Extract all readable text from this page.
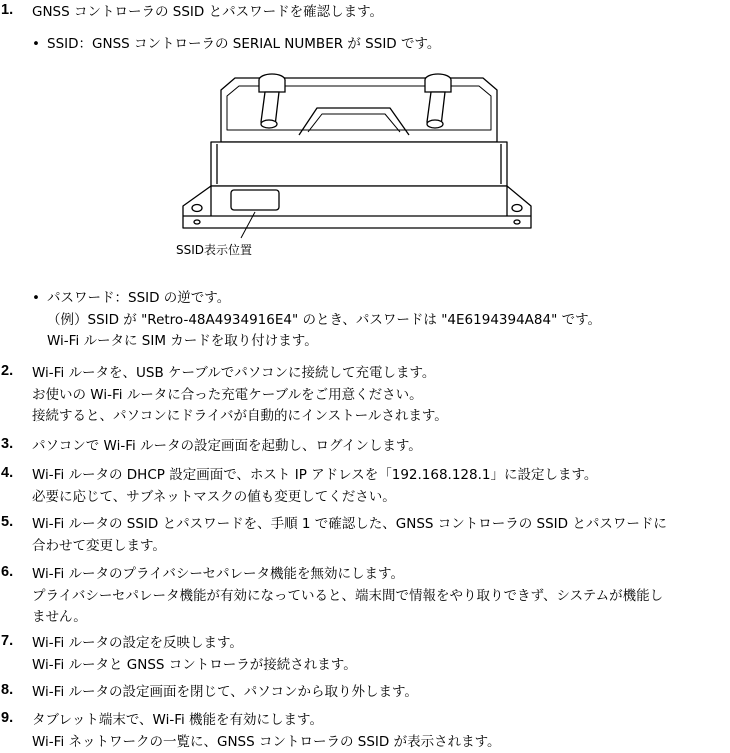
1.	GNSS コントローラの SSID とパスワードを確認します。
• SSID：GNSS コントローラの SERIAL NUMBER が SSID です。
SSID表示位置
• パスワード：SSID の逆です。
（例）SSID が "Retro-48A4934916E4" のとき、パスワードは "4E6194394A84" です。
Wi-Fi ルータに SIM カードを取り付けます。
2.	Wi-Fi ルータを、USB ケーブルでパソコンに接続して充電します。
お使いの Wi-Fi ルータに合った充電ケーブルをご用意ください。
接続すると、パソコンにドライバが自動的にインストールされます。
3.	パソコンで Wi-Fi ルータの設定画面を起動し、ログインします。
4.	Wi-Fi ルータの DHCP 設定画面で、ホスト IP アドレスを「192.168.128.1」に設定します。
必要に応じて、サブネットマスクの値も変更してください。
5.	Wi-Fi ルータの SSID とパスワードを、手順 1 で確認した、GNSS コントローラの SSID とパスワードに
合わせて変更します。
6.	Wi-Fi ルータのプライバシーセパレータ機能を無効にします。
プライバシーセパレータ機能が有効になっていると、端末間で情報をやり取りできず、システムが機能し
ません。
7.	Wi-Fi ルータの設定を反映します。
Wi-Fi ルータと GNSS コントローラが接続されます。
8.	Wi-Fi ルータの設定画面を閉じて、パソコンから取り外します。
9.	タブレット端末で、Wi-Fi 機能を有効にします。
Wi-Fi ネットワークの一覧に、GNSS コントローラの SSID が表示されます。
